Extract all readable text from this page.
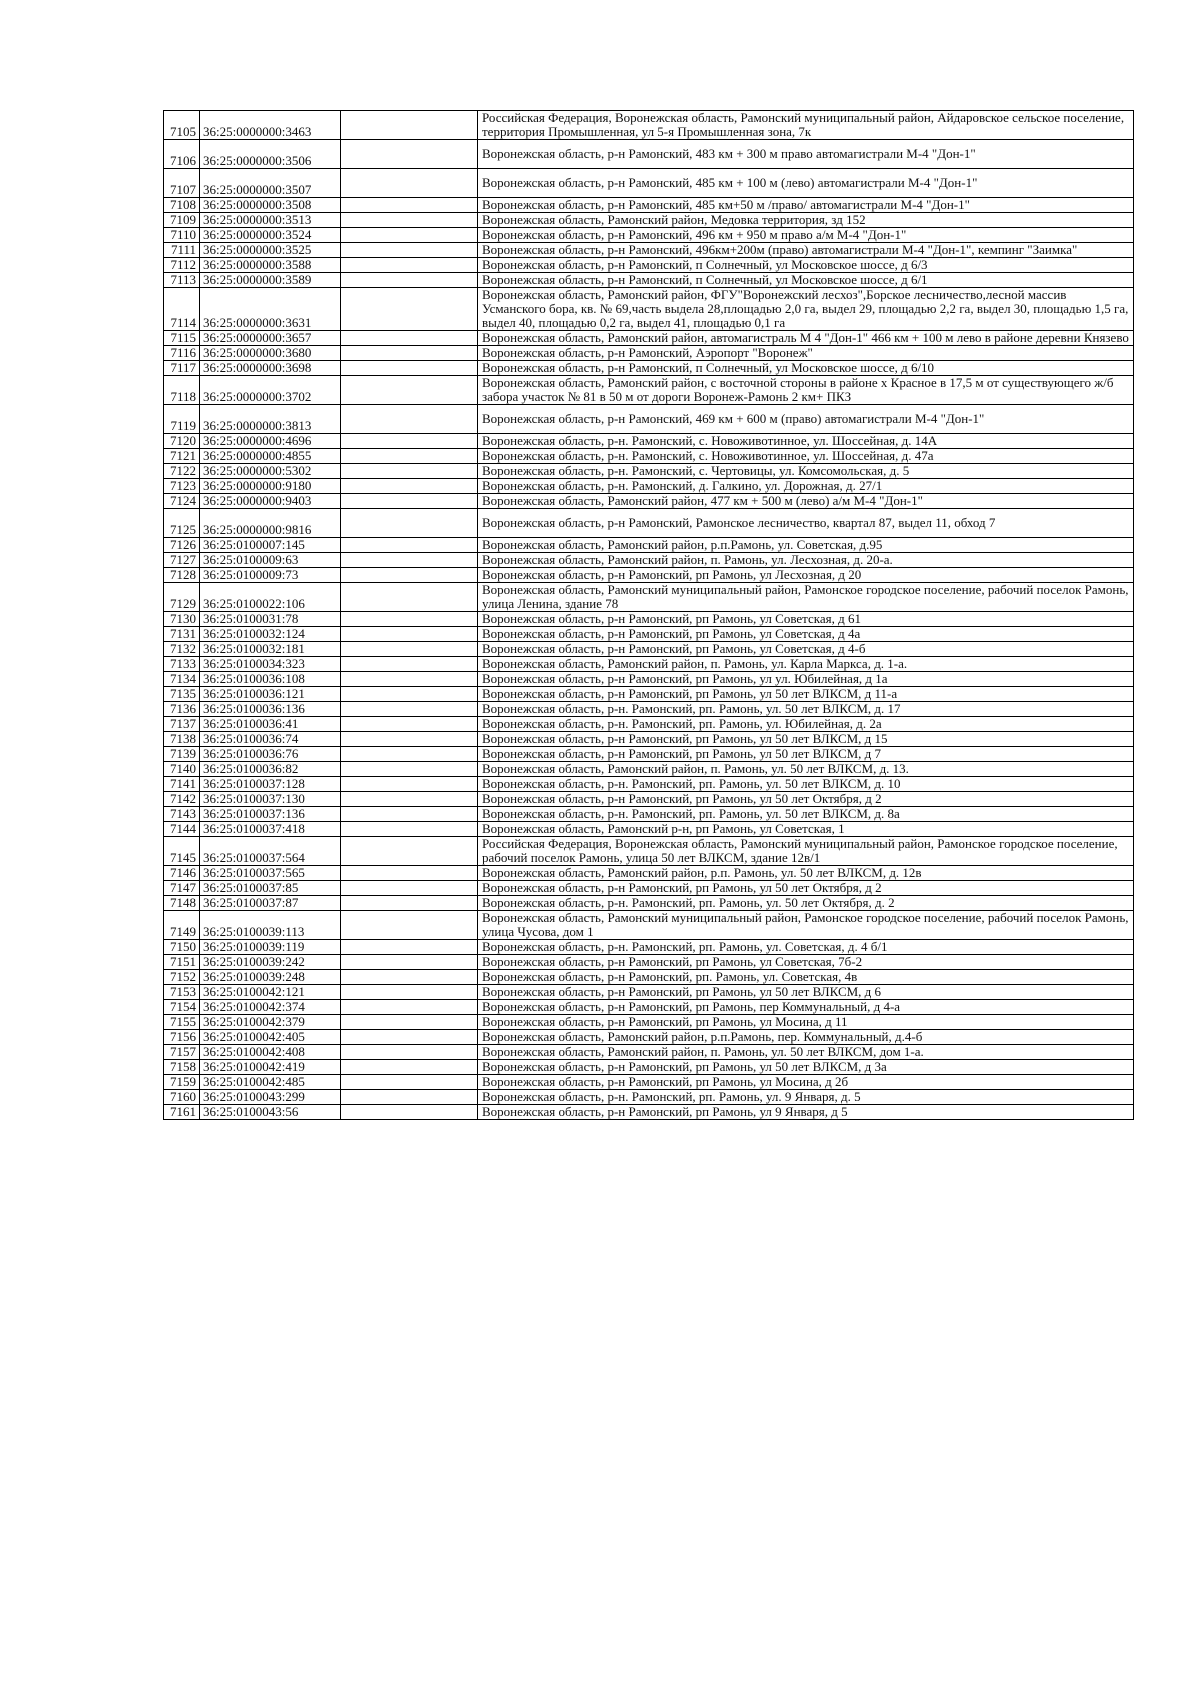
7105	36:25:0000000:3463		Российская Федерация, Воронежская область, Рамонский муниципальный район, Айдаровское сельское поселение, территория Промышленная, ул 5-я Промышленная зона, 7к
7106	36:25:0000000:3506		Воронежская область, р-н Рамонский, 483 км + 300 м право автомагистрали М-4 "Дон-1"
7107	36:25:0000000:3507		Воронежская область, р-н Рамонский, 485 км + 100 м (лево) автомагистрали М-4 "Дон-1"
7108	36:25:0000000:3508		Воронежская область, р-н Рамонский, 485 км+50 м /право/ автомагистрали М-4 "Дон-1"
7109	36:25:0000000:3513		Воронежская область, Рамонский район, Медовка территория, зд 152
7110	36:25:0000000:3524		Воронежская область, р-н Рамонский, 496 км + 950 м право а/м М-4 "Дон-1"
7111	36:25:0000000:3525		Воронежская область, р-н Рамонский, 496км+200м (право) автомагистрали М-4 "Дон-1", кемпинг "Заимка"
7112	36:25:0000000:3588		Воронежская область, р-н Рамонский, п Солнечный, ул Московское шоссе, д 6/3
7113	36:25:0000000:3589		Воронежская область, р-н Рамонский, п Солнечный, ул Московское шоссе, д 6/1
7114	36:25:0000000:3631		Воронежская область, Рамонский район, ФГУ"Воронежский лесхоз",Борское лесничество,лесной массив Усманского бора, кв. № 69,часть выдела 28,площадью 2,0 га, выдел 29, площадью 2,2 га, выдел 30, площадью 1,5 га, выдел 40, площадью 0,2 га, выдел 41, площадью 0,1 га
7115	36:25:0000000:3657		Воронежская область, Рамонский район, автомагистраль М 4 "Дон-1" 466 км + 100 м лево в районе деревни Князево
7116	36:25:0000000:3680		Воронежская область, р-н Рамонский, Аэропорт "Воронеж"
7117	36:25:0000000:3698		Воронежская область, р-н Рамонский, п Солнечный, ул Московское шоссе, д 6/10
7118	36:25:0000000:3702		Воронежская область, Рамонский район, с восточной стороны в районе х Красное в 17,5 м от существующего ж/б забора участок № 81 в 50 м от дороги Воронеж-Рамонь 2 км+ ПКЗ
7119	36:25:0000000:3813		Воронежская область, р-н Рамонский, 469 км + 600 м (право) автомагистрали М-4 "Дон-1"
7120	36:25:0000000:4696		Воронежская область, р-н. Рамонский, с. Новоживотинное, ул. Шоссейная, д. 14А
7121	36:25:0000000:4855		Воронежская область, р-н. Рамонский, с. Новоживотинное, ул. Шоссейная, д. 47а
7122	36:25:0000000:5302		Воронежская область, р-н. Рамонский, с. Чертовицы, ул. Комсомольская, д. 5
7123	36:25:0000000:9180		Воронежская область, р-н. Рамонский, д. Галкино, ул. Дорожная, д. 27/1
7124	36:25:0000000:9403		Воронежская область, Рамонский район, 477 км + 500 м (лево) а/м М-4 "Дон-1"
7125	36:25:0000000:9816		Воронежская область, р-н Рамонский, Рамонское лесничество, квартал 87, выдел 11, обход 7
7126	36:25:0100007:145		Воронежская область, Рамонский район, р.п.Рамонь, ул. Советская, д.95
7127	36:25:0100009:63		Воронежская область, Рамонский район, п. Рамонь, ул. Лесхозная, д. 20-а.
7128	36:25:0100009:73		Воронежская область, р-н Рамонский, рп Рамонь, ул Лесхозная, д 20
7129	36:25:0100022:106		Воронежская область, Рамонский муниципальный район, Рамонское городское поселение, рабочий поселок Рамонь, улица Ленина, здание 78
7130	36:25:0100031:78		Воронежская область, р-н Рамонский, рп Рамонь, ул Советская, д 61
7131	36:25:0100032:124		Воронежская область, р-н Рамонский, рп Рамонь, ул Советская, д 4а
7132	36:25:0100032:181		Воронежская область, р-н Рамонский, рп Рамонь, ул Советская, д 4-б
7133	36:25:0100034:323		Воронежская область, Рамонский район, п. Рамонь, ул. Карла Маркса, д. 1-а.
7134	36:25:0100036:108		Воронежская область, р-н Рамонский, рп Рамонь, ул ул. Юбилейная, д 1а
7135	36:25:0100036:121		Воронежская область, р-н Рамонский, рп Рамонь, ул 50 лет ВЛКСМ, д 11-а
7136	36:25:0100036:136		Воронежская область, р-н. Рамонский, рп. Рамонь, ул. 50 лет ВЛКСМ, д. 17
7137	36:25:0100036:41		Воронежская область, р-н. Рамонский, рп. Рамонь, ул. Юбилейная, д. 2а
7138	36:25:0100036:74		Воронежская область, р-н Рамонский, рп Рамонь, ул 50 лет ВЛКСМ, д 15
7139	36:25:0100036:76		Воронежская область, р-н Рамонский, рп Рамонь, ул 50 лет ВЛКСМ, д 7
7140	36:25:0100036:82		Воронежская область, Рамонский район, п. Рамонь, ул. 50 лет ВЛКСМ, д. 13.
7141	36:25:0100037:128		Воронежская область, р-н. Рамонский, рп. Рамонь, ул. 50 лет ВЛКСМ, д. 10
7142	36:25:0100037:130		Воронежская область, р-н Рамонский, рп Рамонь, ул 50 лет Октября, д 2
7143	36:25:0100037:136		Воронежская область, р-н. Рамонский, рп. Рамонь, ул. 50 лет ВЛКСМ, д. 8а
7144	36:25:0100037:418		Воронежская область, Рамонский р-н, рп Рамонь, ул Советская, 1
7145	36:25:0100037:564		Российская Федерация, Воронежская область, Рамонский муниципальный район, Рамонское городское поселение, рабочий поселок Рамонь, улица 50 лет ВЛКСМ, здание 12в/1
7146	36:25:0100037:565		Воронежская область, Рамонский район, р.п. Рамонь, ул. 50 лет ВЛКСМ, д. 12в
7147	36:25:0100037:85		Воронежская область, р-н Рамонский, рп Рамонь, ул 50 лет Октября, д 2
7148	36:25:0100037:87		Воронежская область, р-н. Рамонский, рп. Рамонь, ул. 50 лет Октября, д. 2
7149	36:25:0100039:113		Воронежская область, Рамонский муниципальный район, Рамонское городское поселение, рабочий поселок Рамонь, улица Чусова, дом 1
7150	36:25:0100039:119		Воронежская область, р-н. Рамонский, рп. Рамонь, ул. Советская, д. 4 б/1
7151	36:25:0100039:242		Воронежская область, р-н Рамонский, рп Рамонь, ул Советская, 7б-2
7152	36:25:0100039:248		Воронежская область, р-н Рамонский, рп. Рамонь, ул. Советская, 4в
7153	36:25:0100042:121		Воронежская область, р-н Рамонский, рп Рамонь, ул 50 лет ВЛКСМ, д 6
7154	36:25:0100042:374		Воронежская область, р-н Рамонский, рп Рамонь, пер Коммунальный, д 4-а
7155	36:25:0100042:379		Воронежская область, р-н Рамонский, рп Рамонь, ул Мосина, д 11
7156	36:25:0100042:405		Воронежская область, Рамонский район, р.п.Рамонь, пер. Коммунальный, д.4-б
7157	36:25:0100042:408		Воронежская область, Рамонский район, п. Рамонь, ул. 50 лет ВЛКСМ, дом 1-а.
7158	36:25:0100042:419		Воронежская область, р-н Рамонский, рп Рамонь, ул 50 лет ВЛКСМ, д 3а
7159	36:25:0100042:485		Воронежская область, р-н Рамонский, рп Рамонь, ул Мосина, д 2б
7160	36:25:0100043:299		Воронежская область, р-н. Рамонский, рп. Рамонь, ул. 9 Января, д. 5
7161	36:25:0100043:56		Воронежская область, р-н Рамонский, рп Рамонь, ул 9 Января, д 5
